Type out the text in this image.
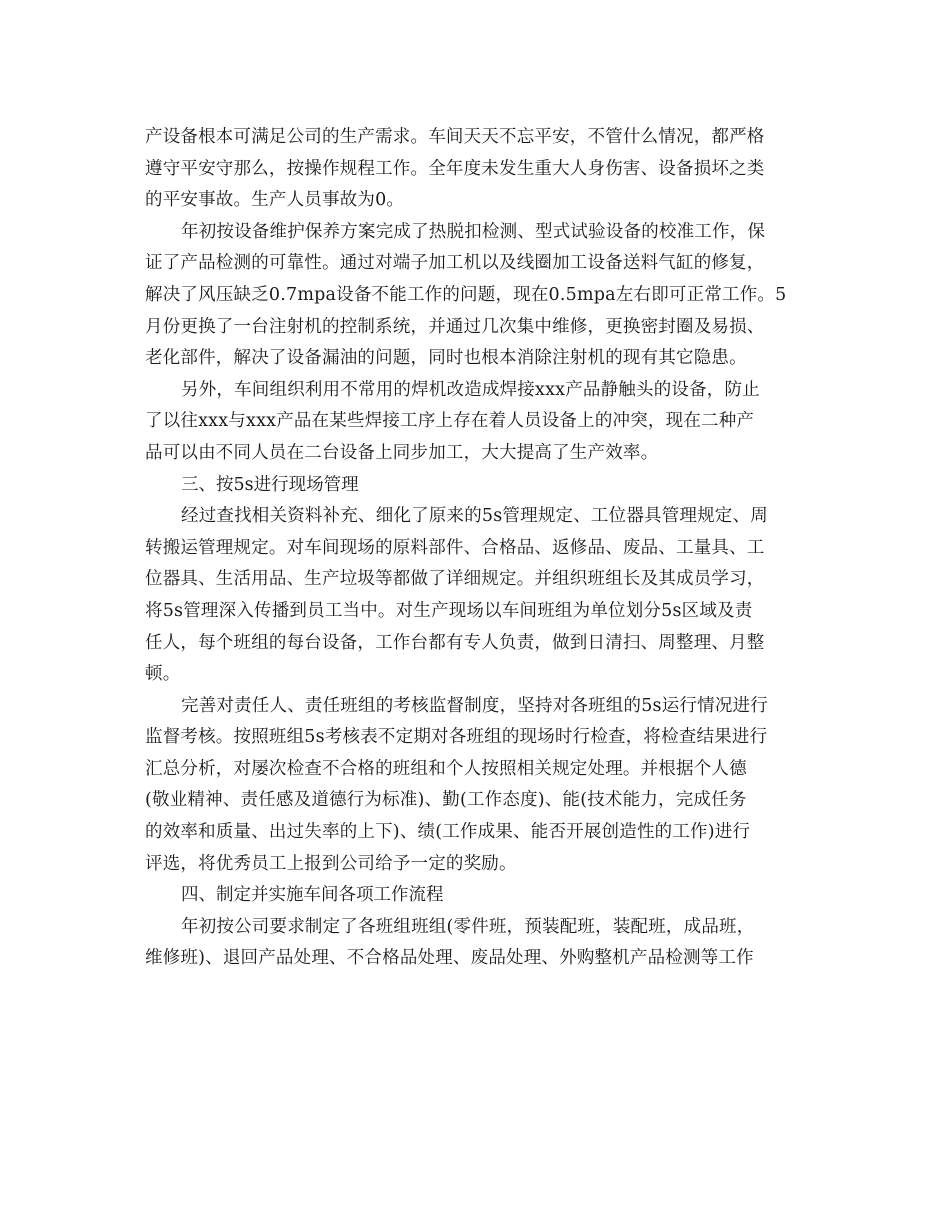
产设备根本可满足公司的生产需求。车间天天不忘平安，不管什么情况，都严格
遵守平安守那么，按操作规程工作。全年度未发生重大人身伤害、设备损坏之类
的平安事故。生产人员事故为0。

年初按设备维护保养方案完成了热脱扣检测、型式试验设备的校准工作，保
证了产品检测的可靠性。通过对端子加工机以及线圈加工设备送料气缸的修复，
解决了风压缺乏0.7mpa设备不能工作的问题，现在0.5mpa左右即可正常工作。5
月份更换了一台注射机的控制系统，并通过几次集中维修，更换密封圈及易损、
老化部件，解决了设备漏油的问题，同时也根本消除注射机的现有其它隐患。

另外，车间组织利用不常用的焊机改造成焊接xxx产品静触头的设备，防止
了以往xxx与xxx产品在某些焊接工序上存在着人员设备上的冲突，现在二种产
品可以由不同人员在二台设备上同步加工，大大提高了生产效率。

三、按5s进行现场管理

经过查找相关资料补充、细化了原来的5s管理规定、工位器具管理规定、周
转搬运管理规定。对车间现场的原料部件、合格品、返修品、废品、工量具、工
位器具、生活用品、生产垃圾等都做了详细规定。并组织班组长及其成员学习，
将5s管理深入传播到员工当中。对生产现场以车间班组为单位划分5s区域及责
任人，每个班组的每台设备，工作台都有专人负责，做到日清扫、周整理、月整
顿。

完善对责任人、责任班组的考核监督制度，坚持对各班组的5s运行情况进行
监督考核。按照班组5s考核表不定期对各班组的现场时行检查，将检查结果进行
汇总分析，对屡次检查不合格的班组和个人按照相关规定处理。并根据个人德
(敬业精神、责任感及道德行为标准)、勤(工作态度)、能(技术能力，完成任务
的效率和质量、出过失率的上下)、绩(工作成果、能否开展创造性的工作)进行
评选，将优秀员工上报到公司给予一定的奖励。

四、制定并实施车间各项工作流程

年初按公司要求制定了各班组班组(零件班，预装配班，装配班，成品班，
维修班)、退回产品处理、不合格品处理、废品处理、外购整机产品检测等工作
